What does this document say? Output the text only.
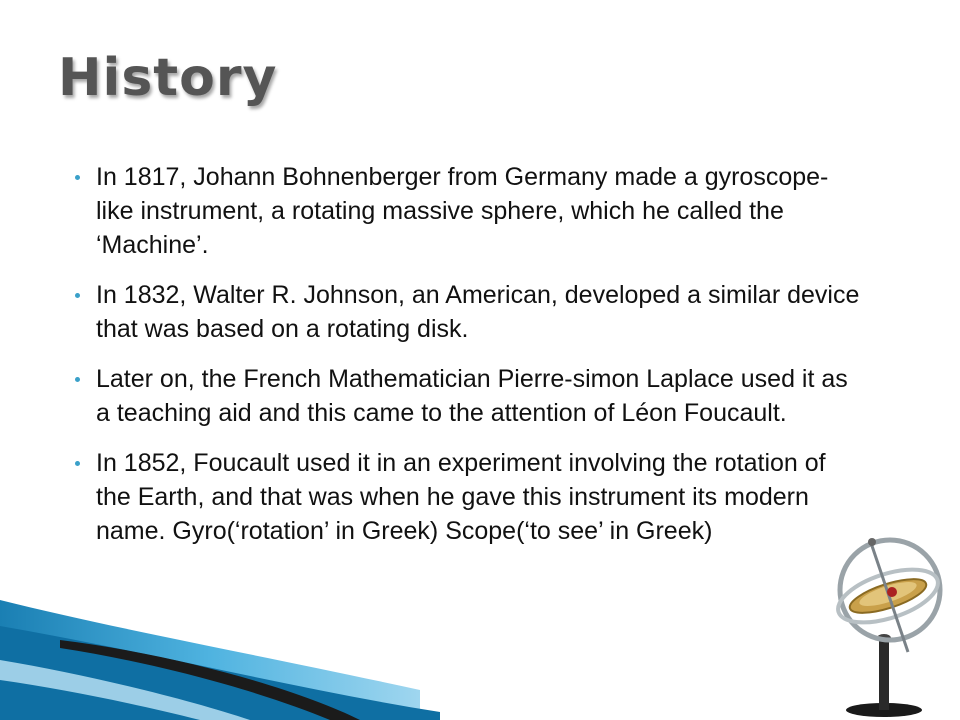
History
In 1817, Johann Bohnenberger from Germany made a gyroscope-like instrument, a rotating massive sphere, which he called the ‘Machine’.
In 1832, Walter R. Johnson, an American, developed a similar device that was based on a rotating disk.
Later on, the French Mathematician Pierre-simon Laplace used it as a teaching aid and this came to the attention of Léon Foucault.
In 1852, Foucault used it in an experiment involving the rotation of the Earth, and that was when he gave this instrument its modern name. Gyro(‘rotation’ in Greek) Scope(‘to see’ in Greek)
